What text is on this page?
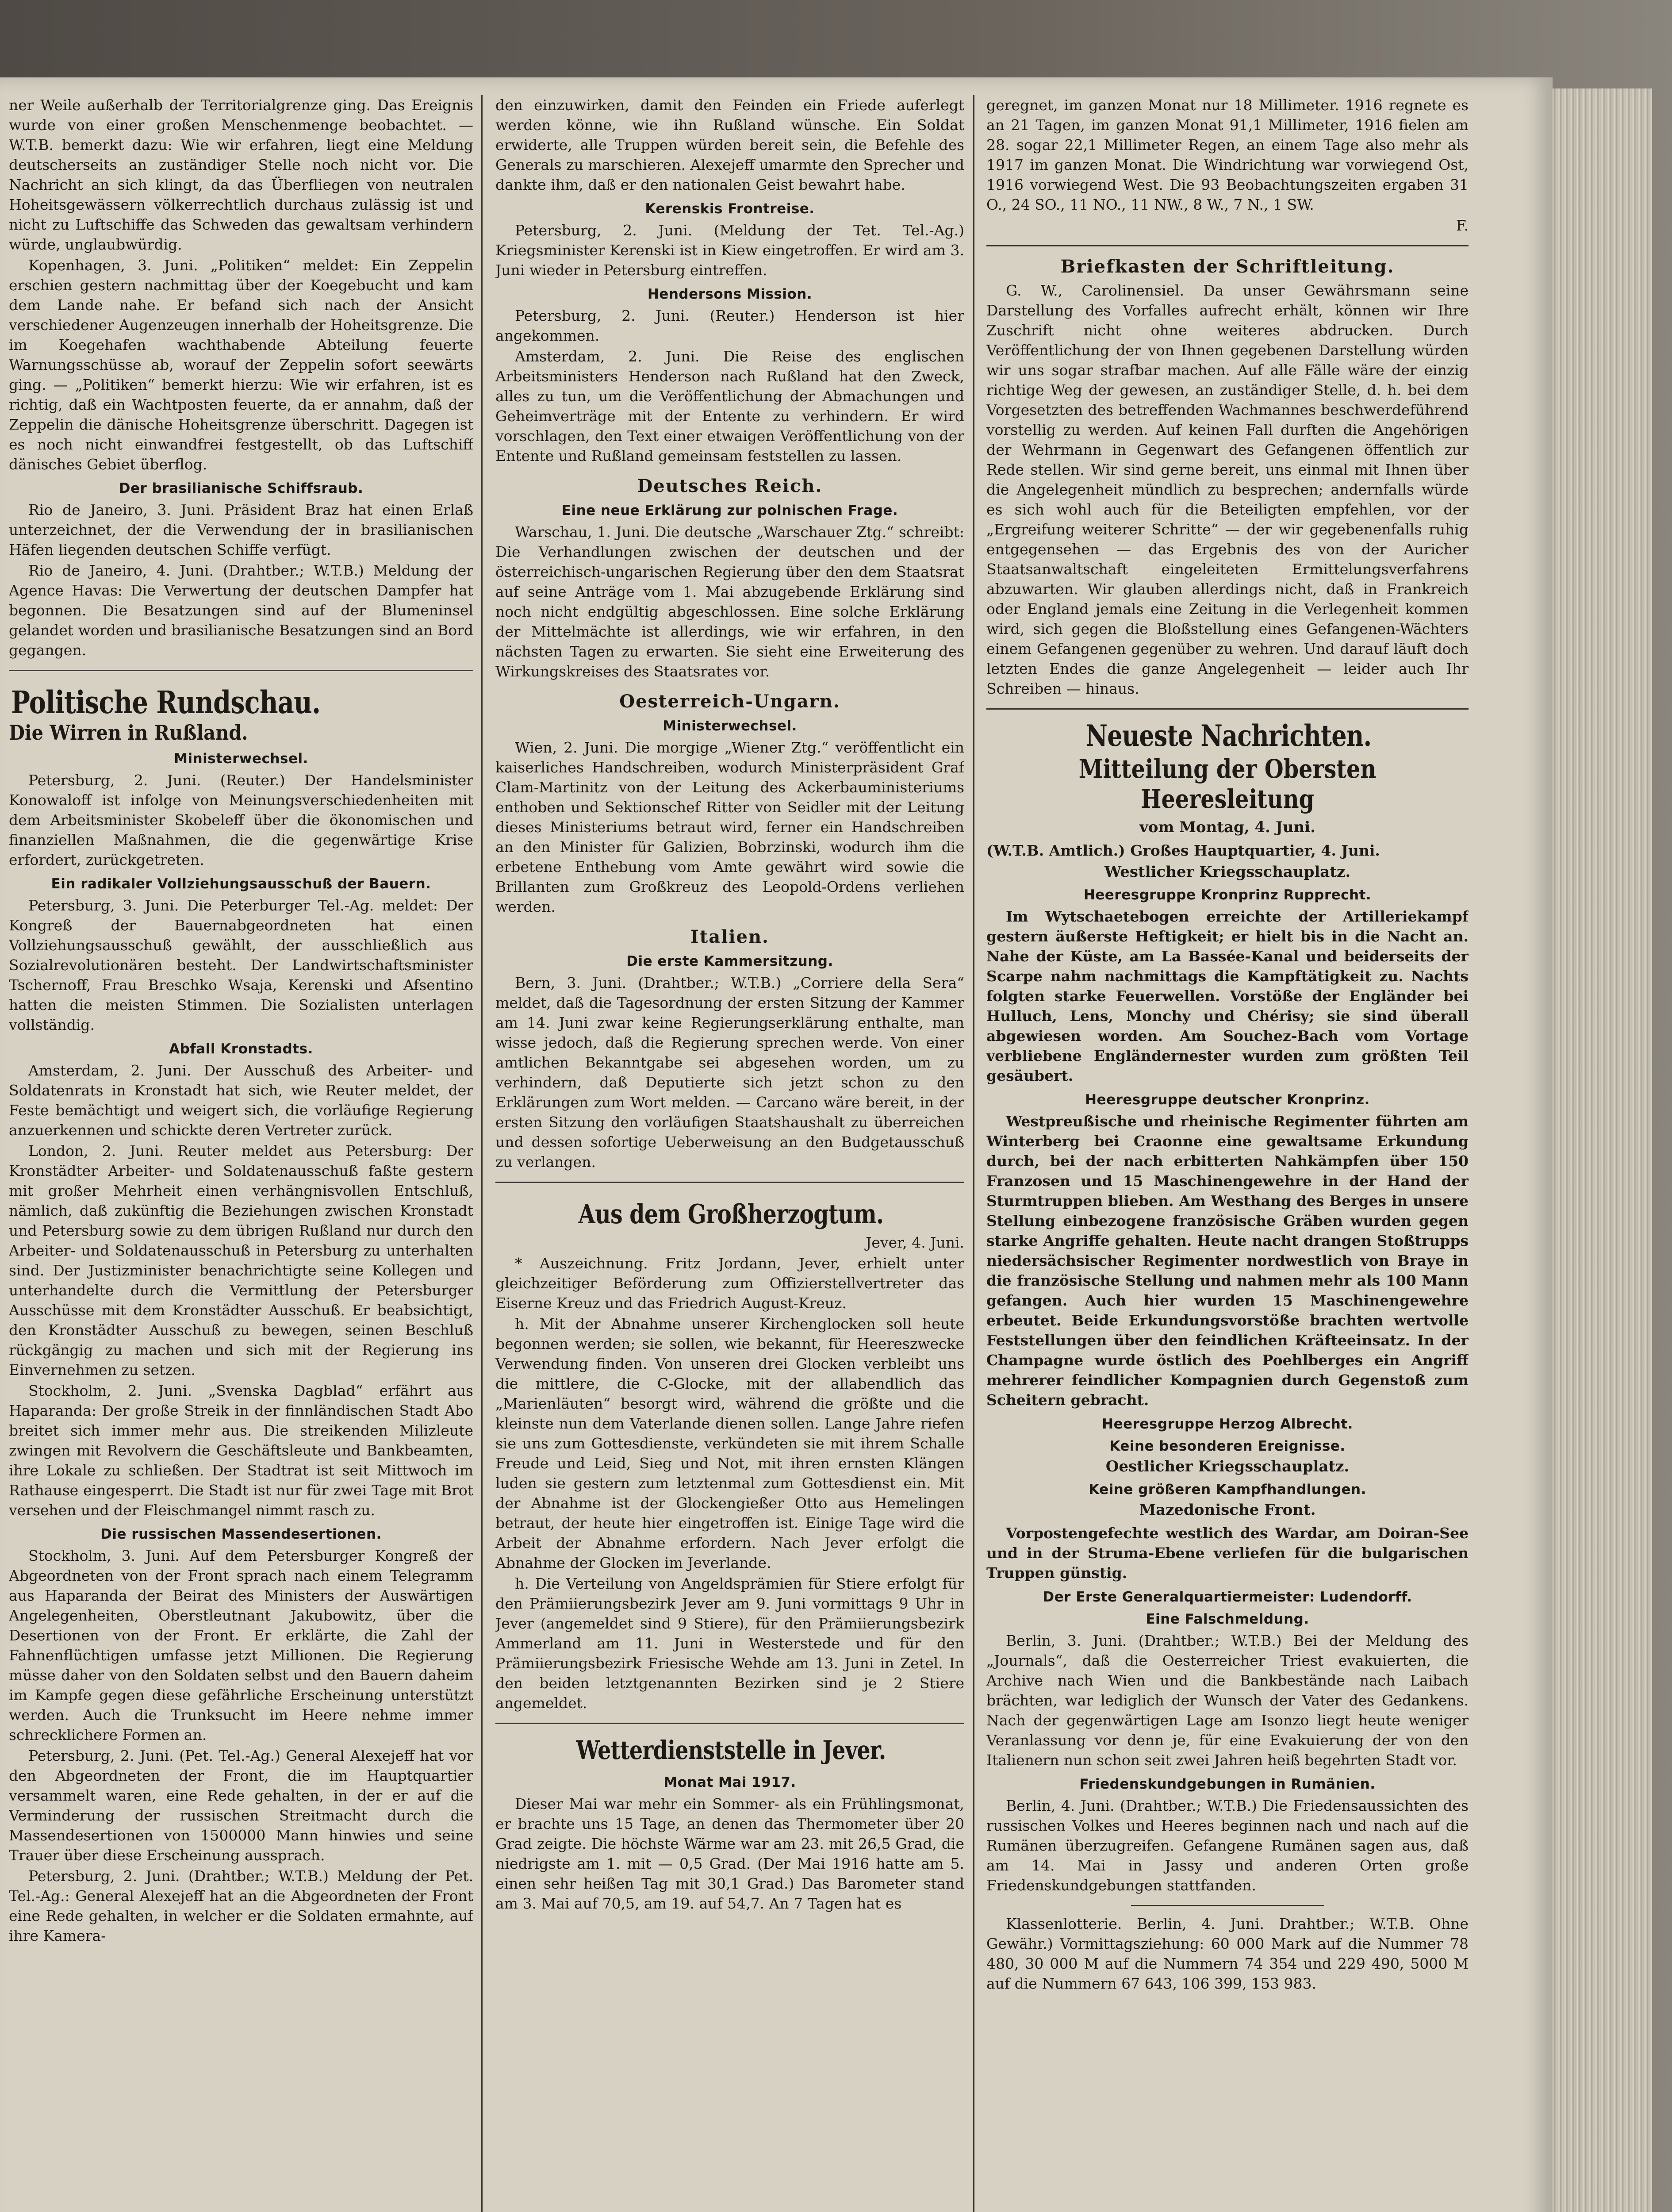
ner Weile außerhalb der Territorialgrenze ging. Das Ereignis wurde von einer großen Menschenmenge beobachtet. — W.T.B. bemerkt dazu: Wie wir erfahren, liegt eine Meldung deutscherseits an zuständiger Stelle noch nicht vor. Die Nachricht an sich klingt, da das Überfliegen von neutralen Hoheitsgewässern völkerrechtlich durchaus zulässig ist und nicht zu Luftschiffe das Schweden das gewaltsam verhindern würde, unglaubwürdig.

Kopenhagen, 3. Juni. „Politiken“ meldet: Ein Zeppelin erschien gestern nachmittag über der Koegebucht und kam dem Lande nahe. Er befand sich nach der Ansicht verschiedener Augenzeugen innerhalb der Hoheitsgrenze. Die im Koegehafen wachthabende Abteilung feuerte Warnungsschüsse ab, worauf der Zeppelin sofort seewärts ging. — „Politiken“ bemerkt hierzu: Wie wir erfahren, ist es richtig, daß ein Wachtposten feuerte, da er annahm, daß der Zeppelin die dänische Hoheitsgrenze überschritt. Dagegen ist es noch nicht einwandfrei festgestellt, ob das Luftschiff dänisches Gebiet überflog.

Der brasilianische Schiffsraub.

Rio de Janeiro, 3. Juni. Präsident Braz hat einen Erlaß unterzeichnet, der die Verwendung der in brasilianischen Häfen liegenden deutschen Schiffe verfügt.

Rio de Janeiro, 4. Juni. (Drahtber.; W.T.B.) Meldung der Agence Havas: Die Verwertung der deutschen Dampfer hat begonnen. Die Besatzungen sind auf der Blumeninsel gelandet worden und brasilianische Besatzungen sind an Bord gegangen.

Politische Rundschau.
Die Wirren in Rußland.
Ministerwechsel.

Petersburg, 2. Juni. (Reuter.) Der Handelsminister Konowaloff ist infolge von Meinungsverschiedenheiten mit dem Arbeitsminister Skobeleff über die ökonomischen und finanziellen Maßnahmen, die die gegenwärtige Krise erfordert, zurückgetreten.

Ein radikaler Vollziehungsausschuß der Bauern.

Petersburg, 3. Juni. Die Peterburger Tel.-Ag. meldet: Der Kongreß der Bauernabgeordneten hat einen Vollziehungsausschuß gewählt, der ausschließlich aus Sozialrevolutionären besteht. Der Landwirtschaftsminister Tschernoff, Frau Breschko Wsaja, Kerenski und Afsentino hatten die meisten Stimmen. Die Sozialisten unterlagen vollständig.

Abfall Kronstadts.

Amsterdam, 2. Juni. Der Ausschuß des Arbeiter- und Soldatenrats in Kronstadt hat sich, wie Reuter meldet, der Feste bemächtigt und weigert sich, die vorläufige Regierung anzuerkennen und schickte deren Vertreter zurück.

London, 2. Juni. Reuter meldet aus Petersburg: Der Kronstädter Arbeiter- und Soldatenausschuß faßte gestern mit großer Mehrheit einen verhängnisvollen Entschluß, nämlich, daß zukünftig die Beziehungen zwischen Kronstadt und Petersburg sowie zu dem übrigen Rußland nur durch den Arbeiter- und Soldatenausschuß in Petersburg zu unterhalten sind. Der Justizminister benachrichtigte seine Kollegen und unterhandelte durch die Vermittlung der Petersburger Ausschüsse mit dem Kronstädter Ausschuß. Er beabsichtigt, den Kronstädter Ausschuß zu bewegen, seinen Beschluß rückgängig zu machen und sich mit der Regierung ins Einvernehmen zu setzen.

Stockholm, 2. Juni. „Svenska Dagblad“ erfährt aus Haparanda: Der große Streik in der finnländischen Stadt Abo breitet sich immer mehr aus. Die streikenden Milizleute zwingen mit Revolvern die Geschäftsleute und Bankbeamten, ihre Lokale zu schließen. Der Stadtrat ist seit Mittwoch im Rathause eingesperrt. Die Stadt ist nur für zwei Tage mit Brot versehen und der Fleischmangel nimmt rasch zu.

Die russischen Massendesertionen.

Stockholm, 3. Juni. Auf dem Petersburger Kongreß der Abgeordneten von der Front sprach nach einem Telegramm aus Haparanda der Beirat des Ministers der Auswärtigen Angelegenheiten, Oberstleutnant Jakubowitz, über die Desertionen von der Front. Er erklärte, die Zahl der Fahnenflüchtigen umfasse jetzt Millionen. Die Regierung müsse daher von den Soldaten selbst und den Bauern daheim im Kampfe gegen diese gefährliche Erscheinung unterstützt werden. Auch die Trunksucht im Heere nehme immer schrecklichere Formen an.

Petersburg, 2. Juni. (Pet. Tel.-Ag.) General Alexejeff hat vor den Abgeordneten der Front, die im Hauptquartier versammelt waren, eine Rede gehalten, in der er auf die Verminderung der russischen Streitmacht durch die Massendesertionen von 1500000 Mann hinwies und seine Trauer über diese Erscheinung aussprach.

Petersburg, 2. Juni. (Drahtber.; W.T.B.) Meldung der Pet. Tel.-Ag.: General Alexejeff hat an die Abgeordneten der Front eine Rede gehalten, in welcher er die Soldaten ermahnte, auf ihre Kamera-

den einzuwirken, damit den Feinden ein Friede auferlegt werden könne, wie ihn Rußland wünsche. Ein Soldat erwiderte, alle Truppen würden bereit sein, die Befehle des Generals zu marschieren. Alexejeff umarmte den Sprecher und dankte ihm, daß er den nationalen Geist bewahrt habe.

Kerenskis Frontreise.

Petersburg, 2. Juni. (Meldung der Tet. Tel.-Ag.) Kriegsminister Kerenski ist in Kiew eingetroffen. Er wird am 3. Juni wieder in Petersburg eintreffen.

Hendersons Mission.

Petersburg, 2. Juni. (Reuter.) Henderson ist hier angekommen.

Amsterdam, 2. Juni. Die Reise des englischen Arbeitsministers Henderson nach Rußland hat den Zweck, alles zu tun, um die Veröffentlichung der Abmachungen und Geheimverträge mit der Entente zu verhindern. Er wird vorschlagen, den Text einer etwaigen Veröffentlichung von der Entente und Rußland gemeinsam feststellen zu lassen.

Deutsches Reich.
Eine neue Erklärung zur polnischen Frage.

Warschau, 1. Juni. Die deutsche „Warschauer Ztg.“ schreibt: Die Verhandlungen zwischen der deutschen und der österreichisch-ungarischen Regierung über den dem Staatsrat auf seine Anträge vom 1. Mai abzugebende Erklärung sind noch nicht endgültig abgeschlossen. Eine solche Erklärung der Mittelmächte ist allerdings, wie wir erfahren, in den nächsten Tagen zu erwarten. Sie sieht eine Erweiterung des Wirkungskreises des Staatsrates vor.

Oesterreich-Ungarn.
Ministerwechsel.

Wien, 2. Juni. Die morgige „Wiener Ztg.“ veröffentlicht ein kaiserliches Handschreiben, wodurch Ministerpräsident Graf Clam-Martinitz von der Leitung des Ackerbauministeriums enthoben und Sektionschef Ritter von Seidler mit der Leitung dieses Ministeriums betraut wird, ferner ein Handschreiben an den Minister für Galizien, Bobrzinski, wodurch ihm die erbetene Enthebung vom Amte gewährt wird sowie die Brillanten zum Großkreuz des Leopold-Ordens verliehen werden.

Italien.
Die erste Kammersitzung.

Bern, 3. Juni. (Drahtber.; W.T.B.) „Corriere della Sera“ meldet, daß die Tagesordnung der ersten Sitzung der Kammer am 14. Juni zwar keine Regierungserklärung enthalte, man wisse jedoch, daß die Regierung sprechen werde. Von einer amtlichen Bekanntgabe sei abgesehen worden, um zu verhindern, daß Deputierte sich jetzt schon zu den Erklärungen zum Wort melden. — Carcano wäre bereit, in der ersten Sitzung den vorläufigen Staatshaushalt zu überreichen und dessen sofortige Ueberweisung an den Budgetausschuß zu verlangen.

Aus dem Großherzogtum.

Jever, 4. Juni.

* Auszeichnung. Fritz Jordann, Jever, erhielt unter gleichzeitiger Beförderung zum Offizierstellvertreter das Eiserne Kreuz und das Friedrich August-Kreuz.

h. Mit der Abnahme unserer Kirchenglocken soll heute begonnen werden; sie sollen, wie bekannt, für Heereszwecke Verwendung finden. Von unseren drei Glocken verbleibt uns die mittlere, die C-Glocke, mit der allabendlich das „Marienläuten“ besorgt wird, während die größte und die kleinste nun dem Vaterlande dienen sollen. Lange Jahre riefen sie uns zum Gottesdienste, verkündeten sie mit ihrem Schalle Freude und Leid, Sieg und Not, mit ihren ernsten Klängen luden sie gestern zum letztenmal zum Gottesdienst ein. Mit der Abnahme ist der Glockengießer Otto aus Hemelingen betraut, der heute hier eingetroffen ist. Einige Tage wird die Arbeit der Abnahme erfordern. Nach Jever erfolgt die Abnahme der Glocken im Jeverlande.

h. Die Verteilung von Angeldsprämien für Stiere erfolgt für den Prämiierungsbezirk Jever am 9. Juni vormittags 9 Uhr in Jever (angemeldet sind 9 Stiere), für den Prämiierungsbezirk Ammerland am 11. Juni in Westerstede und für den Prämiierungsbezirk Friesische Wehde am 13. Juni in Zetel. In den beiden letztgenannten Bezirken sind je 2 Stiere angemeldet.

Wetterdienststelle in Jever.
Monat Mai 1917.

Dieser Mai war mehr ein Sommer- als ein Frühlingsmonat, er brachte uns 15 Tage, an denen das Thermometer über 20 Grad zeigte. Die höchste Wärme war am 23. mit 26,5 Grad, die niedrigste am 1. mit — 0,5 Grad. (Der Mai 1916 hatte am 5. einen sehr heißen Tag mit 30,1 Grad.) Das Barometer stand am 3. Mai auf 70,5, am 19. auf 54,7. An 7 Tagen hat es

geregnet, im ganzen Monat nur 18 Millimeter. 1916 regnete es an 21 Tagen, im ganzen Monat 91,1 Millimeter, 1916 fielen am 28. sogar 22,1 Millimeter Regen, an einem Tage also mehr als 1917 im ganzen Monat. Die Windrichtung war vorwiegend Ost, 1916 vorwiegend West. Die 93 Beobachtungszeiten ergaben 31 O., 24 SO., 11 NO., 11 NW., 8 W., 7 N., 1 SW.

F.

Briefkasten der Schriftleitung.

G. W., Carolinensiel. Da unser Gewährsmann seine Darstellung des Vorfalles aufrecht erhält, können wir Ihre Zuschrift nicht ohne weiteres abdrucken. Durch Veröffentlichung der von Ihnen gegebenen Darstellung würden wir uns sogar strafbar machen. Auf alle Fälle wäre der einzig richtige Weg der gewesen, an zuständiger Stelle, d. h. bei dem Vorgesetzten des betreffenden Wachmannes beschwerdeführend vorstellig zu werden. Auf keinen Fall durften die Angehörigen der Wehrmann in Gegenwart des Gefangenen öffentlich zur Rede stellen. Wir sind gerne bereit, uns einmal mit Ihnen über die Angelegenheit mündlich zu besprechen; andernfalls würde es sich wohl auch für die Beteiligten empfehlen, vor der „Ergreifung weiterer Schritte“ — der wir gegebenenfalls ruhig entgegensehen — das Ergebnis des von der Auricher Staatsanwaltschaft eingeleiteten Ermittelungsverfahrens abzuwarten. Wir glauben allerdings nicht, daß in Frankreich oder England jemals eine Zeitung in die Verlegenheit kommen wird, sich gegen die Bloßstellung eines Gefangenen-Wächters einem Gefangenen gegenüber zu wehren. Und darauf läuft doch letzten Endes die ganze Angelegenheit — leider auch Ihr Schreiben — hinaus.

Neueste Nachrichten.
Mitteilung der Obersten Heeresleitung
vom Montag, 4. Juni.

(W.T.B. Amtlich.) Großes Hauptquartier, 4. Juni.

Westlicher Kriegsschauplatz.
Heeresgruppe Kronprinz Rupprecht.

Im Wytschaetebogen erreichte der Artilleriekampf gestern äußerste Heftigkeit; er hielt bis in die Nacht an. Nahe der Küste, am La Bassée-Kanal und beiderseits der Scarpe nahm nachmittags die Kampftätigkeit zu. Nachts folgten starke Feuerwellen. Vorstöße der Engländer bei Hulluch, Lens, Monchy und Chérisy; sie sind überall abgewiesen worden. Am Souchez-Bach vom Vortage verbliebene Engländernester wurden zum größten Teil gesäubert.

Heeresgruppe deutscher Kronprinz.

Westpreußische und rheinische Regimenter führten am Winterberg bei Craonne eine gewaltsame Erkundung durch, bei der nach erbitterten Nahkämpfen über 150 Franzosen und 15 Maschinengewehre in der Hand der Sturmtruppen blieben. Am Westhang des Berges in unsere Stellung einbezogene französische Gräben wurden gegen starke Angriffe gehalten. Heute nacht drangen Stoßtrupps niedersächsischer Regimenter nordwestlich von Braye in die französische Stellung und nahmen mehr als 100 Mann gefangen. Auch hier wurden 15 Maschinengewehre erbeutet. Beide Erkundungsvorstöße brachten wertvolle Feststellungen über den feindlichen Kräfteeinsatz. In der Champagne wurde östlich des Poehlberges ein Angriff mehrerer feindlicher Kompagnien durch Gegenstoß zum Scheitern gebracht.

Heeresgruppe Herzog Albrecht.
Keine besonderen Ereignisse.
Oestlicher Kriegsschauplatz.
Keine größeren Kampfhandlungen.
Mazedonische Front.

Vorpostengefechte westlich des Wardar, am Doiran-See und in der Struma-Ebene verliefen für die bulgarischen Truppen günstig.

Der Erste Generalquartiermeister: Ludendorff.
Eine Falschmeldung.

Berlin, 3. Juni. (Drahtber.; W.T.B.) Bei der Meldung des „Journals“, daß die Oesterreicher Triest evakuierten, die Archive nach Wien und die Bankbestände nach Laibach brächten, war lediglich der Wunsch der Vater des Gedankens. Nach der gegenwärtigen Lage am Isonzo liegt heute weniger Veranlassung vor denn je, für eine Evakuierung der von den Italienern nun schon seit zwei Jahren heiß begehrten Stadt vor.

Friedenskundgebungen in Rumänien.

Berlin, 4. Juni. (Drahtber.; W.T.B.) Die Friedensaussichten des russischen Volkes und Heeres beginnen nach und nach auf die Rumänen überzugreifen. Gefangene Rumänen sagen aus, daß am 14. Mai in Jassy und anderen Orten große Friedenskundgebungen stattfanden.

Klassenlotterie. Berlin, 4. Juni. Drahtber.; W.T.B. Ohne Gewähr.) Vormittagsziehung: 60 000 Mark auf die Nummer 78 480, 30 000 M auf die Nummern 74 354 und 229 490, 5000 M auf die Nummern 67 643, 106 399, 153 983.
